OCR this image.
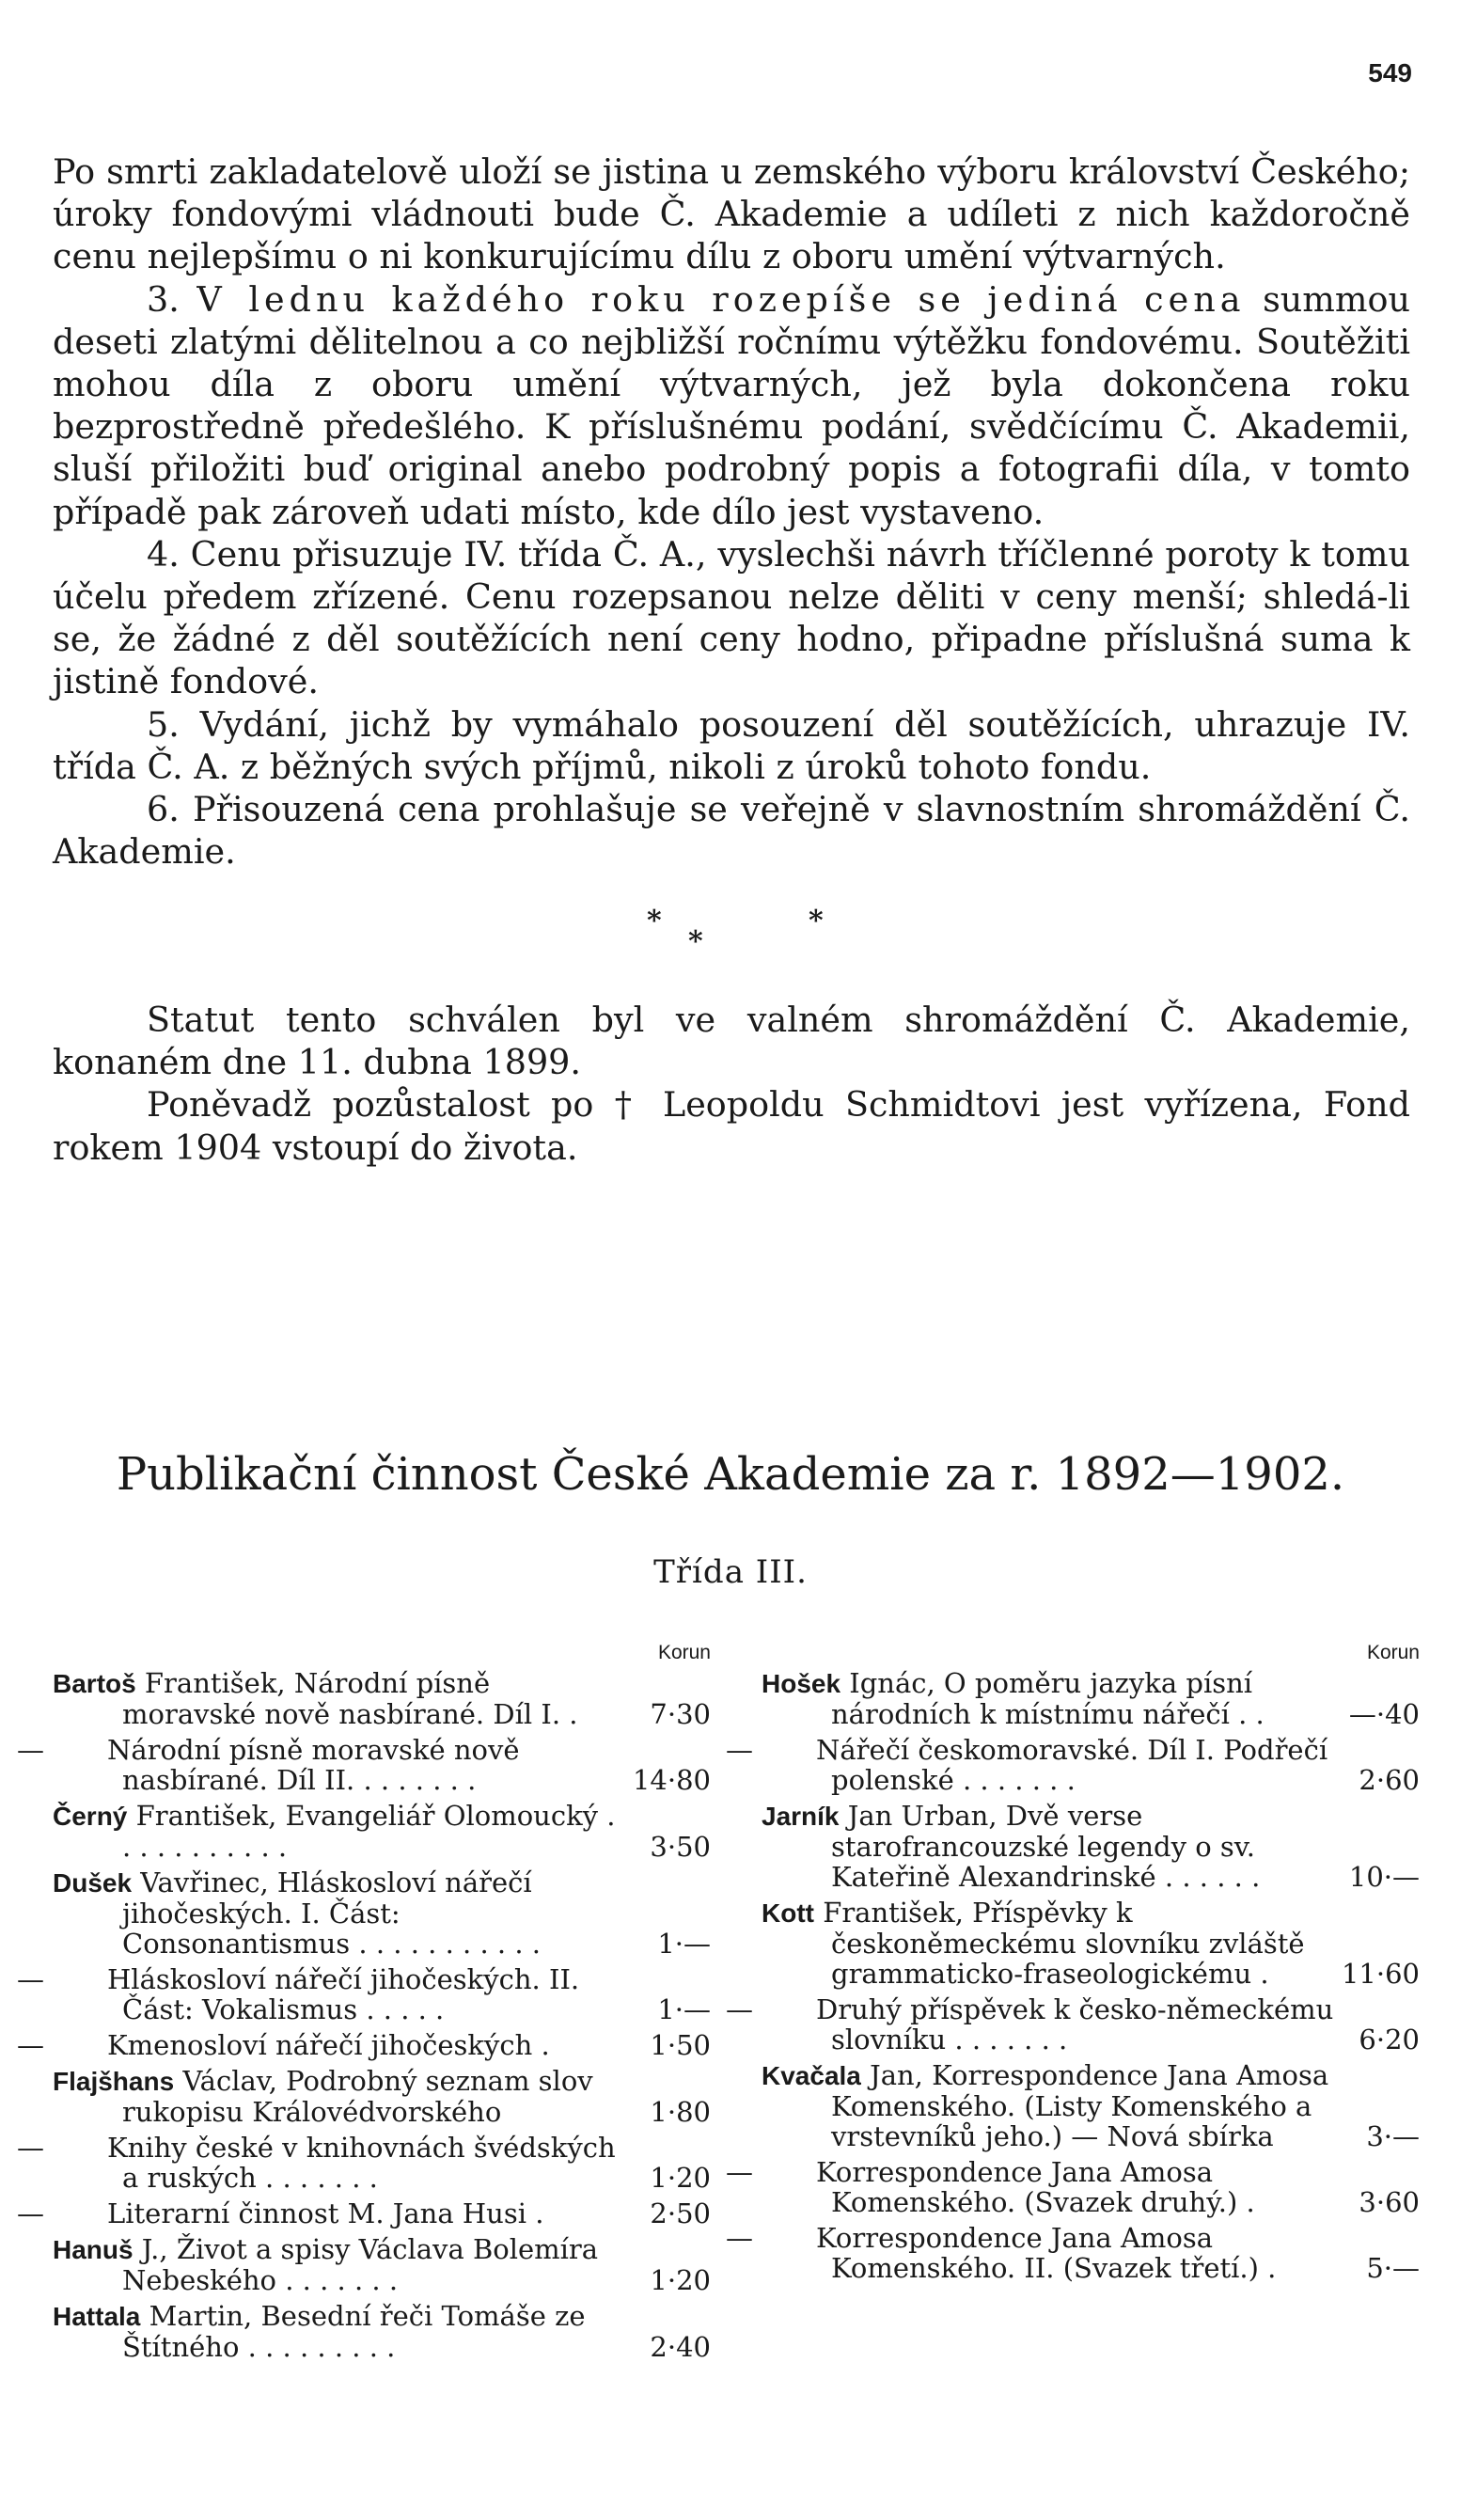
549

Po smrti zakladatelově uloží se jistina u zemského výboru království Českého; úroky fondovými vládnouti bude Č. Akademie a udíleti z nich každoročně cenu nejlepšímu o ni konkurujícímu dílu z oboru umění výtvarných.

3. V lednu každého roku rozepíše se jediná cena summou deseti zlatými dělitelnou a co nejbližší ročnímu výtěžku fondovému. Soutěžiti mohou díla z oboru umění výtvarných, jež byla dokončena roku bezprostředně předešlého. K příslušnému podání, svědčícímu Č. Akademii, sluší přiložiti buď original anebo podrobný popis a fotografii díla, v tomto případě pak zároveň udati místo, kde dílo jest vystaveno.

4. Cenu přisuzuje IV. třída Č. A., vyslechši návrh tříčlenné poroty k tomu účelu předem zřízené. Cenu rozepsanou nelze děliti v ceny menší; shledá-li se, že žádné z děl soutěžících není ceny hodno, připadne příslušná suma k jistině fondové.

5. Vydání, jichž by vymáhalo posouzení děl soutěžících, uhrazuje IV. třída Č. A. z běžných svých příjmů, nikoli z úroků tohoto fondu.

6. Přisouzená cena prohlašuje se veřejně v slavnostním shromáždění Č. Akademie.

*
*
*

Statut tento schválen byl ve valném shromáždění Č. Akademie, konaném dne 11. dubna 1899.

Poněvadž pozůstalost po † Leopoldu Schmidtovi jest vyřízena, Fond rokem 1904 vstoupí do života.

Publikační činnost České Akademie za r. 1892—1902.
Třída III.
Korun
Bartoš František, Národní písně moravské nově nasbírané. Díl I. .	7·30
— Národní písně moravské nově nasbírané. Díl II. . . . . . . .	14·80
Černý František, Evangeliář Olomoucký . . . . . . . . . . .	3·50
Dušek Vavřinec, Hláskosloví nářečí jihočeských. I. Část: Consonantismus . . . . . . . . . . .	1·—
— Hláskosloví nářečí jihočeských. II. Část: Vokalismus . . . . .	1·—
— Kmenosloví nářečí jihočeských .	1·50
Flajšhans Václav, Podrobný seznam slov rukopisu Královédvorského	1·80
— Knihy české v knihovnách švédských a ruských . . . . . . .	1·20
— Literarní činnost M. Jana Husi .	2·50
Hanuš J., Život a spisy Václava Bolemíra Nebeského . . . . . . .	1·20
Hattala Martin, Besední řeči Tomáše ze Štítného . . . . . . . . .	2·40
Korun
Hošek Ignác, O poměru jazyka písní národních k místnímu nářečí . .	—·40
— Nářečí českomoravské. Díl I. Podřečí polenské . . . . . . .	2·60
Jarník Jan Urban, Dvě verse starofrancouzské legendy o sv. Kateřině Alexandrinské . . . . . .	10·—
Kott František, Příspěvky k českoněmeckému slovníku zvláště grammaticko-fraseologickému .	11·60
— Druhý příspěvek k česko-německému slovníku . . . . . . .	6·20
Kvačala Jan, Korrespondence Jana Amosa Komenského. (Listy Komenského a vrstevníků jeho.) — Nová sbírka	3·—
— Korrespondence Jana Amosa Komenského. (Svazek druhý.) .	3·60
— Korrespondence Jana Amosa Komenského. II. (Svazek třetí.) .	5·—
